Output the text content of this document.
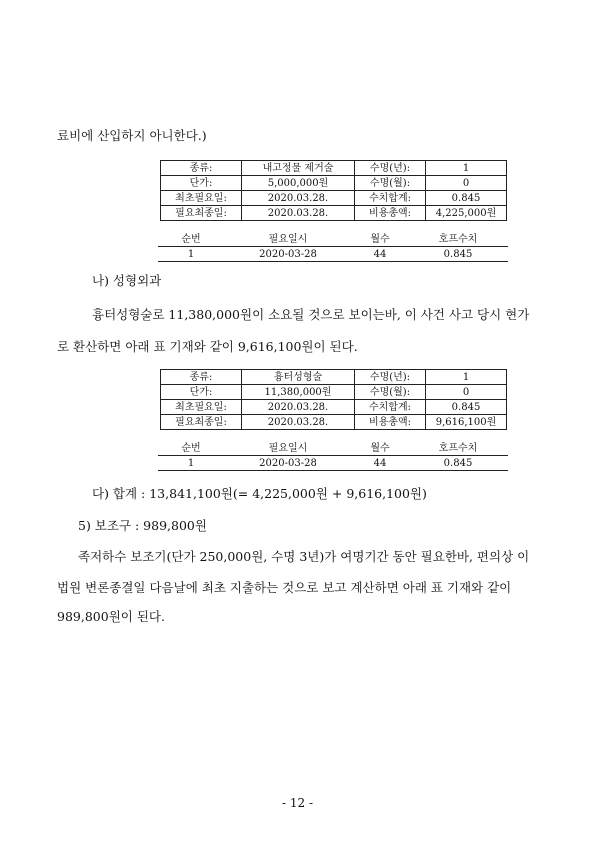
료비에 산입하지 아니한다.)

종류:	내고정물 제거술	수명(년):	1
단가:	5,000,000원	수명(월):	0
최초필요일:	2020.03.28.	수치합계:	0.845
필요최종일:	2020.03.28.	비용총액:	4,225,000원
순번	필요일시	월수	호프수치
1	2020-03-28	44	0.845

나) 성형외과

흉터성형술로 11,380,000원이 소요될 것으로 보이는바, 이 사건 사고 당시 현가

로 환산하면 아래 표 기재와 같이 9,616,100원이 된다.

종류:	흉터성형술	수명(년):	1
단가:	11,380,000원	수명(월):	0
최초필요일:	2020.03.28.	수치합계:	0.845
필요최종일:	2020.03.28.	비용총액:	9,616,100원
순번	필요일시	월수	호프수치
1	2020-03-28	44	0.845

다) 합계 : 13,841,100원(= 4,225,000원 + 9,616,100원)

5) 보조구 : 989,800원

족저하수 보조기(단가 250,000원, 수명 3년)가 여명기간 동안 필요한바, 편의상 이

법원 변론종결일 다음날에 최초 지출하는 것으로 보고 계산하면 아래 표 기재와 같이

989,800원이 된다.

- 12 -
